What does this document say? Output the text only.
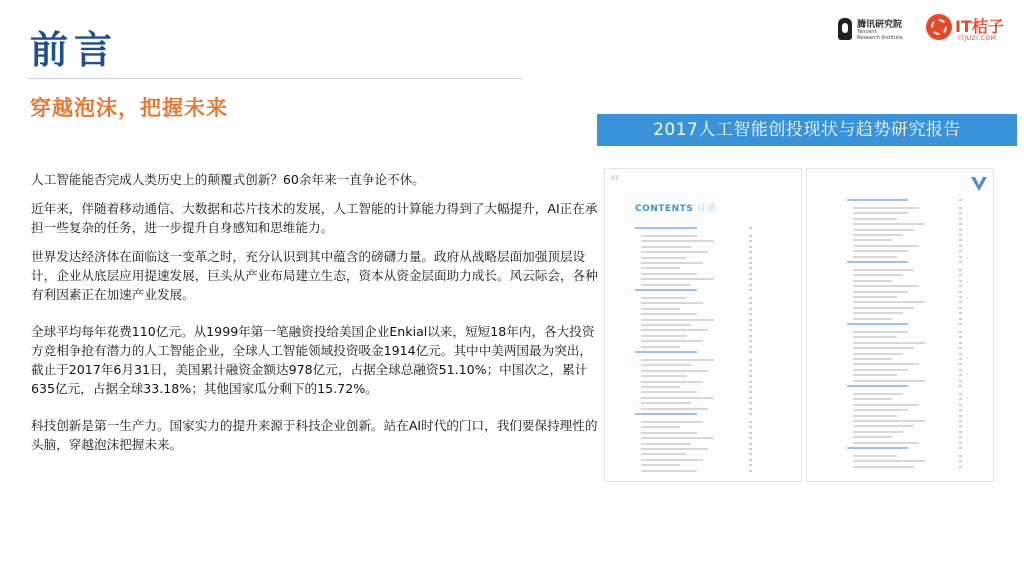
前言
穿越泡沫，把握未来
腾讯研究院
Tencent
Research Institute
IT桔子
ITJUZI.COM
人工智能能否完成人类历史上的颠覆式创新？60余年来一直争论不休。
近年来，伴随着移动通信、大数据和芯片技术的发展，人工智能的计算能力得到了大幅提升，AI正在承担一些复杂的任务，进一步提升自身感知和思维能力。
世界发达经济体在面临这一变革之时，充分认识到其中蕴含的磅礴力量。政府从战略层面加强顶层设计，企业从底层应用提速发展，巨头从产业布局建立生态，资本从资金层面助力成长。风云际会，各种有利因素正在加速产业发展。
全球平均每年花费110亿元。从1999年第一笔融资投给美国企业Enkial以来，短短18年内，各大投资方竞相争抢有潜力的人工智能企业，全球人工智能领域投资吸金1914亿元。其中中美两国最为突出，截止于2017年6月31日，美国累计融资金额达978亿元，占据全球总融资51.10%；中国次之，累计635亿元，占据全球33.18%；其他国家瓜分剩下的15.72%。
科技创新是第一生产力。国家实力的提升来源于科技企业创新。站在AI时代的门口，我们要保持理性的头脑，穿越泡沫把握未来。
2017人工智能创投现状与趋势研究报告
01
CONTENTS 目录
